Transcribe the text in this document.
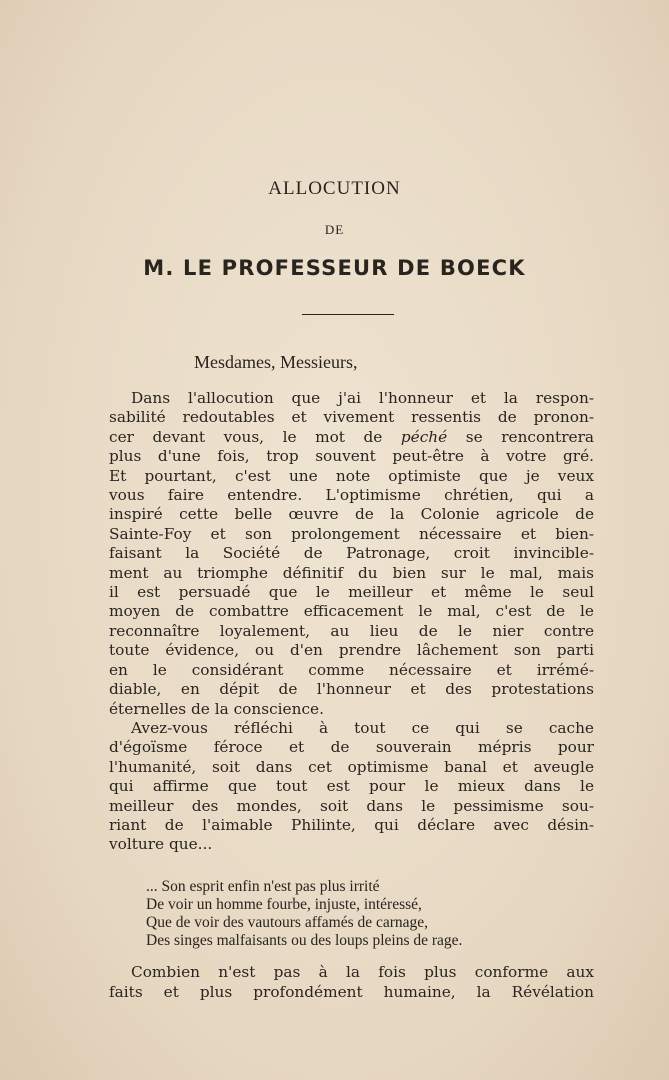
ALLOCUTION
DE
M. LE PROFESSEUR DE BOECK
Mesdames, Messieurs,
Dans l'allocution que j'ai l'honneur et la respon-
sabilité redoutables et vivement ressentis de pronon-
cer devant vous, le mot de péché se rencontrera
plus d'une fois, trop souvent peut-être à votre gré.
Et pourtant, c'est une note optimiste que je veux
vous faire entendre. L'optimisme chrétien, qui a
inspiré cette belle œuvre de la Colonie agricole de
Sainte-Foy et son prolongement nécessaire et bien-
faisant la Société de Patronage, croit invincible-
ment au triomphe définitif du bien sur le mal, mais
il est persuadé que le meilleur et même le seul
moyen de combattre efficacement le mal, c'est de le
reconnaître loyalement, au lieu de le nier contre
toute évidence, ou d'en prendre lâchement son parti
en le considérant comme nécessaire et irrémé-
diable, en dépit de l'honneur et des protestations
éternelles de la conscience.
Avez-vous réfléchi à tout ce qui se cache
d'égoïsme féroce et de souverain mépris pour
l'humanité, soit dans cet optimisme banal et aveugle
qui affirme que tout est pour le mieux dans le
meilleur des mondes, soit dans le pessimisme sou-
riant de l'aimable Philinte, qui déclare avec désin-
volture que...
... Son esprit enfin n'est pas plus irrité
De voir un homme fourbe, injuste, intéressé,
Que de voir des vautours affamés de carnage,
Des singes malfaisants ou des loups pleins de rage.
Combien n'est pas à la fois plus conforme aux
faits et plus profondément humaine, la Révélation
